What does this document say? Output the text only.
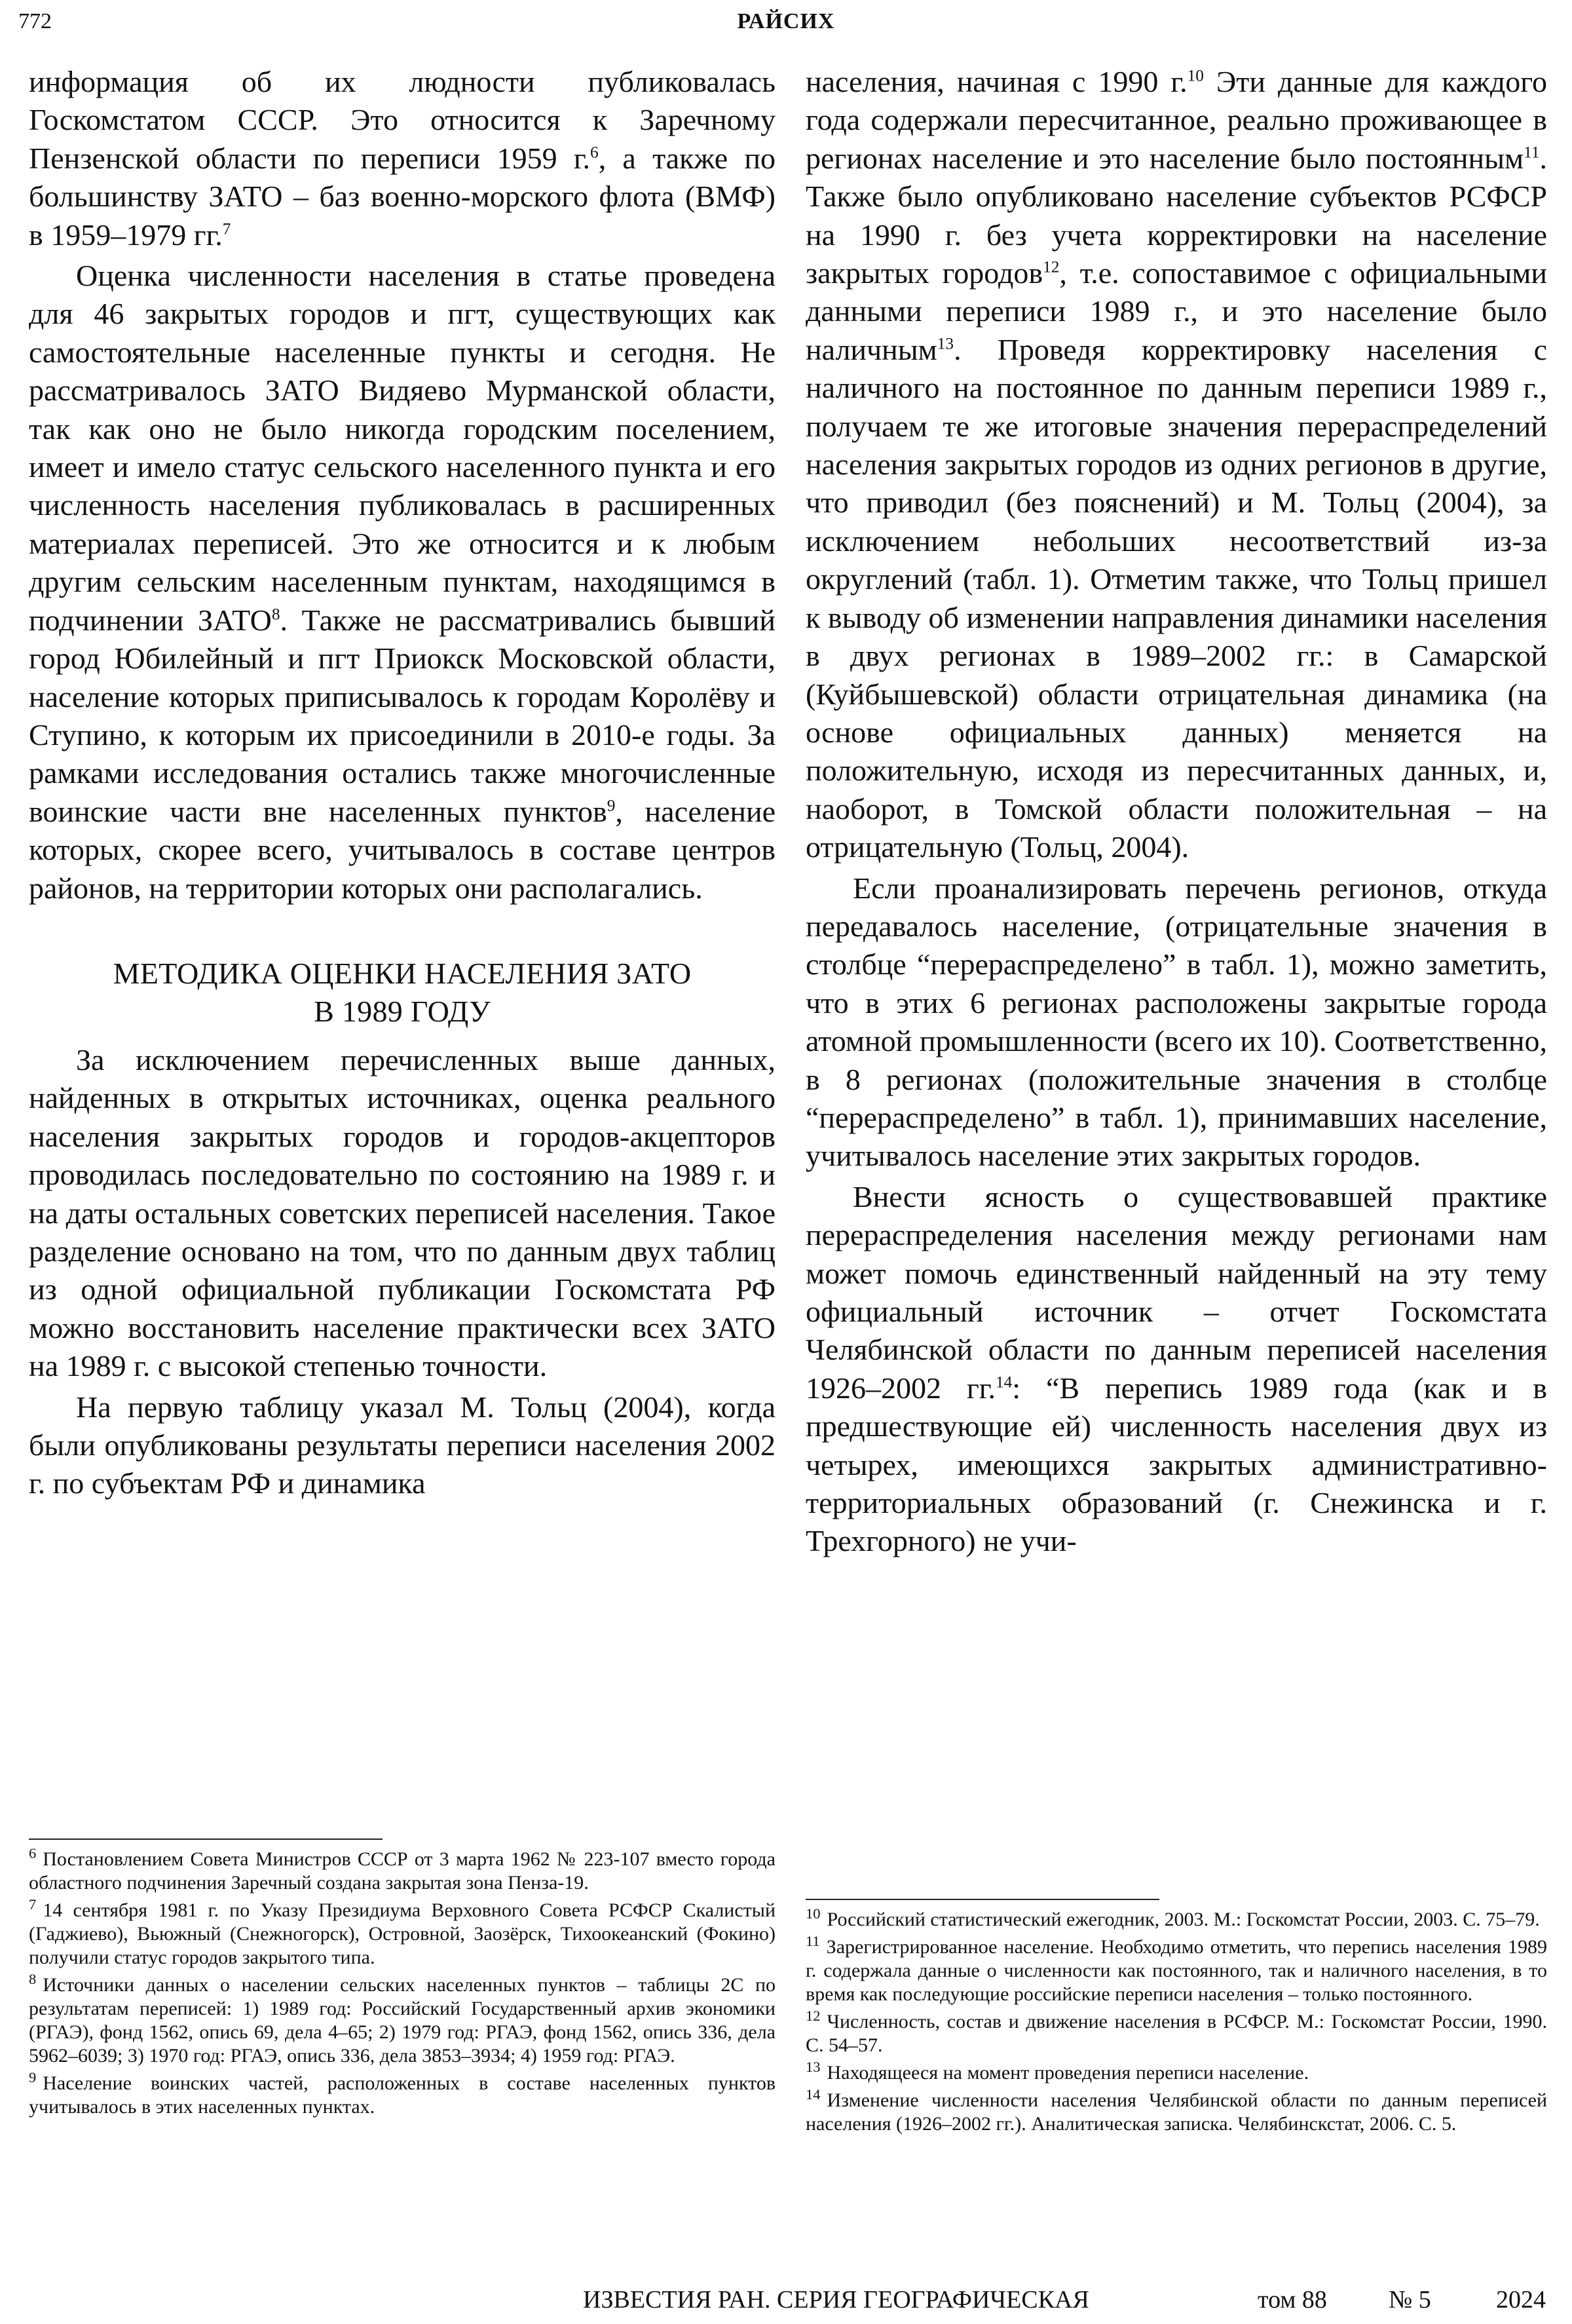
772	РАЙСИХ

информация об их людности публиковалась Госкомстатом СССР. Это относится к Заречному Пензенской области по переписи 1959 г.$^6$, а также по большинству ЗАТО – баз военно-морского флота (ВМФ) в 1959–1979 гг.$^7$

Оценка численности населения в статье проведена для 46 закрытых городов и пгт, существующих как самостоятельные населенные пункты и сегодня. Не рассматривалось ЗАТО Видяево Мурманской области, так как оно не было никогда городским поселением, имеет и имело статус сельского населенного пункта и его численность населения публиковалась в расширенных материалах переписей. Это же относится и к любым другим сельским населенным пунктам, находящимся в подчинении ЗАТО$^8$. Также не рассматривались бывший город Юбилейный и пгт Приокск Московской области, население которых приписывалось к городам Королёву и Ступино, к которым их присоединили в 2010-е годы. За рамками исследования остались также многочисленные воинские части вне населенных пунктов$^9$, население которых, скорее всего, учитывалось в составе центров районов, на территории которых они располагались.

МЕТОДИКА ОЦЕНКИ НАСЕЛЕНИЯ ЗАТО
В 1989 ГОДУ

За исключением перечисленных выше данных, найденных в открытых источниках, оценка реального населения закрытых городов и городов-акцепторов проводилась последовательно по состоянию на 1989 г. и на даты остальных советских переписей населения. Такое разделение основано на том, что по данным двух таблиц из одной официальной публикации Госкомстата РФ можно восстановить население практически всех ЗАТО на 1989 г. с высокой степенью точности.

На первую таблицу указал М. Тольц (2004), когда были опубликованы результаты переписи населения 2002 г. по субъектам РФ и динамика

населения, начиная с 1990 г.$^{10}$ Эти данные для каждого года содержали пересчитанное, реально проживающее в регионах население и это население было постоянным$^{11}$. Также было опубликовано население субъектов РСФСР на 1990 г. без учета корректировки на население закрытых городов$^{12}$, т.е. сопоставимое с официальными данными переписи 1989 г., и это население было наличным$^{13}$. Проведя корректировку населения с наличного на постоянное по данным переписи 1989 г., получаем те же итоговые значения перераспределений населения закрытых городов из одних регионов в другие, что приводил (без пояснений) и М. Тольц (2004), за исключением небольших несоответствий из-за округлений (табл. 1). Отметим также, что Тольц пришел к выводу об изменении направления динамики населения в двух регионах в 1989–2002 гг.: в Самарской (Куйбышевской) области отрицательная динамика (на основе официальных данных) меняется на положительную, исходя из пересчитанных данных, и, наоборот, в Томской области положительная – на отрицательную (Тольц, 2004).

Если проанализировать перечень регионов, откуда передавалось население, (отрицательные значения в столбце “перераспределено” в табл. 1), можно заметить, что в этих 6 регионах расположены закрытые города атомной промышленности (всего их 10). Соответственно, в 8 регионах (положительные значения в столбце “перераспределено” в табл. 1), принимавших население, учитывалось население этих закрытых городов.

Внести ясность о существовавшей практике перераспределения населения между регионами нам может помочь единственный найденный на эту тему официальный источник – отчет Госкомстата Челябинской области по данным переписей населения 1926–2002 гг.$^{14}$: “В перепись 1989 года (как и в предшествующие ей) численность населения двух из четырех, имеющихся закрытых административно-территориальных образований (г. Снежинска и г. Трехгорного) не учи-

$^6$ Постановлением Совета Министров СССР от 3 марта 1962 № 223-107 вместо города областного подчинения Заречный создана закрытая зона Пенза-19.

$^7$ 14 сентября 1981 г. по Указу Президиума Верховного Совета РСФСР Скалистый (Гаджиево), Вьюжный (Снежногорск), Островной, Заозёрск, Тихоокеанский (Фокино) получили статус городов закрытого типа.

$^8$ Источники данных о населении сельских населенных пунктов – таблицы 2С по результатам переписей: 1) 1989 год: Российский Государственный архив экономики (РГАЭ), фонд 1562, опись 69, дела 4–65; 2) 1979 год: РГАЭ, фонд 1562, опись 336, дела 5962–6039; 3) 1970 год: РГАЭ, опись 336, дела 3853–3934; 4) 1959 год: РГАЭ.

$^9$ Население воинских частей, расположенных в составе населенных пунктов учитывалось в этих населенных пунктах.

$^{10}$ Российский статистический ежегодник, 2003. М.: Госкомстат России, 2003. С. 75–79.

$^{11}$ Зарегистрированное население. Необходимо отметить, что перепись населения 1989 г. содержала данные о численности как постоянного, так и наличного населения, в то время как последующие российские переписи населения – только постоянного.

$^{12}$ Численность, состав и движение населения в РСФСР. М.: Госкомстат России, 1990. С. 54–57.

$^{13}$ Находящееся на момент проведения переписи население.

$^{14}$ Изменение численности населения Челябинской области по данным переписей населения (1926–2002 гг.). Аналитическая записка. Челябинскстат, 2006. С. 5.

ИЗВЕСТИЯ РАН. СЕРИЯ ГЕОГРАФИЧЕСКАЯ	том 88 № 5	2024
